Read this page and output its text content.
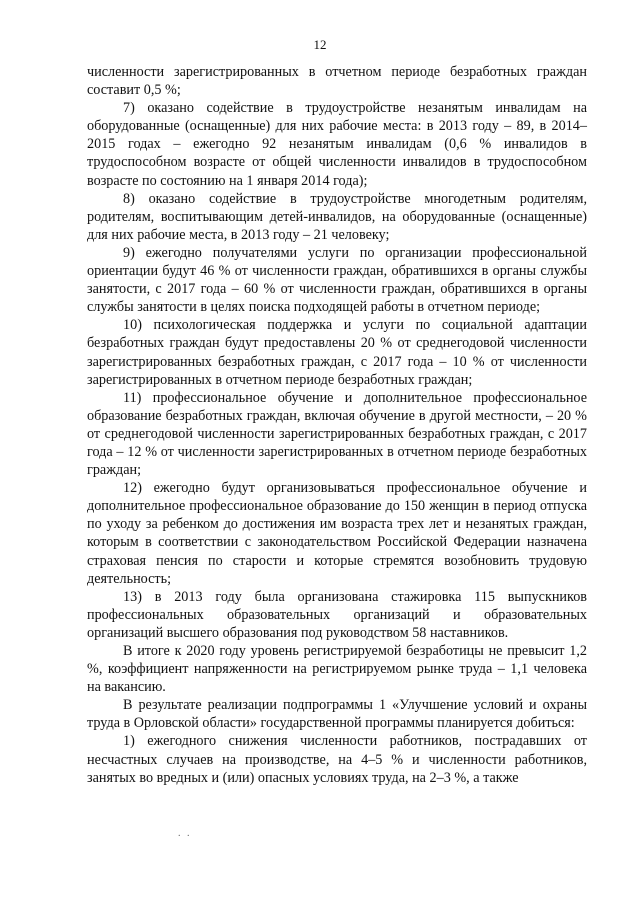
12

численности зарегистрированных в отчетном периоде безработных граждан составит 0,5 %;

7) оказано содействие в трудоустройстве незанятым инвалидам на оборудованные (оснащенные) для них рабочие места: в 2013 году – 89, в 2014–2015 годах – ежегодно 92 незанятым инвалидам (0,6 % инвалидов в трудоспособном возрасте от общей численности инвалидов в трудоспособном возрасте по состоянию на 1 января 2014 года);

8) оказано содействие в трудоустройстве многодетным родителям, родителям, воспитывающим детей-инвалидов, на оборудованные (оснащенные) для них рабочие места, в 2013 году – 21 человеку;

9) ежегодно получателями услуги по организации профессиональной ориентации будут 46 % от численности граждан, обратившихся в органы службы занятости, с 2017 года – 60 % от численности граждан, обратившихся в органы службы занятости в целях поиска подходящей работы в отчетном периоде;

10) психологическая поддержка и услуги по социальной адаптации безработных граждан будут предоставлены 20 % от среднегодовой численности зарегистрированных безработных граждан, с 2017 года – 10 % от численности зарегистрированных в отчетном периоде безработных граждан;

11) профессиональное обучение и дополнительное профессиональное образование безработных граждан, включая обучение в другой местности, – 20 % от среднегодовой численности зарегистрированных безработных граждан, с 2017 года – 12 % от численности зарегистрированных в отчетном периоде безработных граждан;

12) ежегодно будут организовываться профессиональное обучение и дополнительное профессиональное образование до 150 женщин в период отпуска по уходу за ребенком до достижения им возраста трех лет и незанятых граждан, которым в соответствии с законодательством Российской Федерации назначена страховая пенсия по старости и которые стремятся возобновить трудовую деятельность;

13) в 2013 году была организована стажировка 115 выпускников профессиональных образовательных организаций и образовательных организаций высшего образования под руководством 58 наставников.

В итоге к 2020 году уровень регистрируемой безработицы не превысит 1,2 %, коэффициент напряженности на регистрируемом рынке труда – 1,1 человека на вакансию.

В результате реализации подпрограммы 1 «Улучшение условий и охраны труда в Орловской области» государственной программы планируется добиться:

1) ежегодного снижения численности работников, пострадавших от несчастных случаев на производстве, на 4–5 % и численности работников, занятых во вредных и (или) опасных условиях труда, на 2–3 %, а также

. .
